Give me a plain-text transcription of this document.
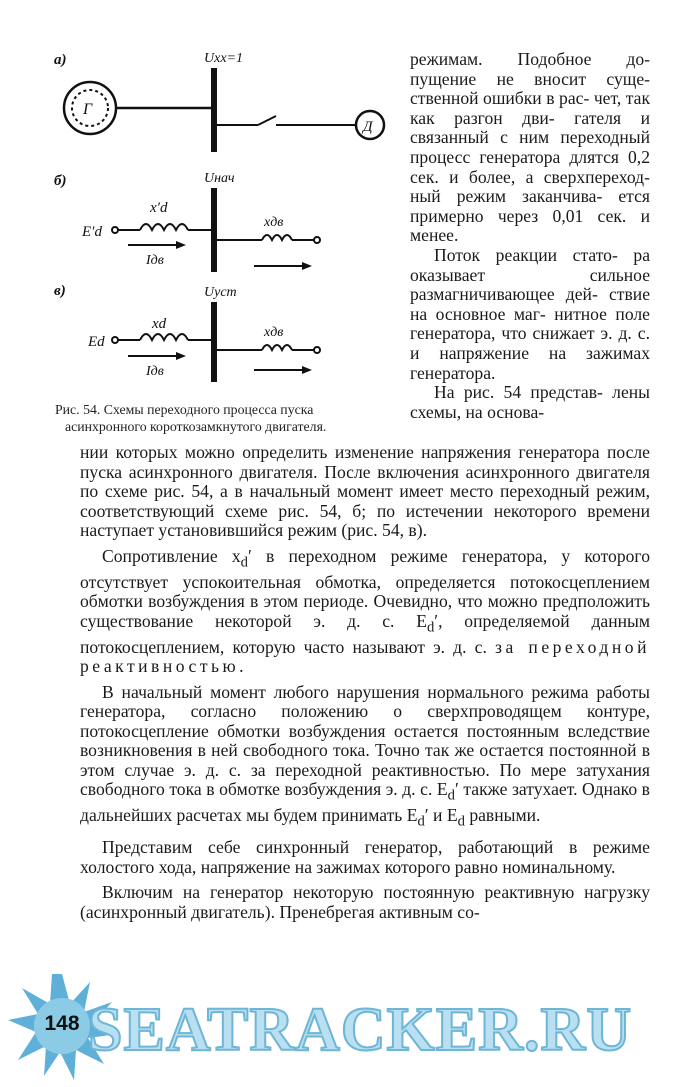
а)	Uхх=1
Г
Д
б)	Uнач
E′d
x′d
xдв
Iдв
в)	Uуст
Ed
xd
xдв
Iдв
Рис. 54. Схемы переходного процесса пуска
асинхронного короткозамкнутого двигателя.

режимам. Подобное до- пущение не вносит суще- ственной ошибки в рас- чет, так как разгон дви- гателя и связанный с ним переходный процесс генератора длятся 0,2 сек. и более, а сверхпереход- ный режим заканчива- ется примерно через 0,01 сек. и менее.

Поток реакции стато- ра оказывает сильное размагничивающее дей- ствие на основное маг- нитное поле генератора, что снижает э. д. с. и напряжение на зажимах генератора.

На рис. 54 представ- лены схемы, на основа-

нии которых можно определить изменение напряжения генератора после пуска асинхронного двигателя. После включения асинхронного двигателя по схеме рис. 54, а в начальный момент имеет место переходный режим, соответствующий схеме рис. 54, б; по истечении некоторого времени наступает установившийся режим (рис. 54, в).

Сопротивление $x_d'$ в переходном режиме генератора, у которого отсутствует успокоительная обмотка, определяется потокосцеплением обмотки возбуждения в этом периоде. Очевидно, что можно предположить существование некоторой э. д. с. $E_d'$, определяемой данным потокосцеплением, которую часто называют э. д. с. за переходной реактивностью.

В начальный момент любого нарушения нормального режима работы генератора, согласно положению о сверхпроводящем контуре, потокосцепление обмотки возбуждения остается постоянным вследствие возникновения в ней свободного тока. Точно так же остается постоянной в этом случае э. д. с. за переходной реактивностью. По мере затухания свободного тока в обмотке возбуждения э. д. с. $E_d'$ также затухает. Однако в дальнейших расчетах мы будем принимать $E_d'$ и $E_d$ равными.

Представим себе синхронный генератор, работающий в режиме холостого хода, напряжение на зажимах которого равно номинальному.

Включим на генератор некоторую постоянную реактивную нагрузку (асинхронный двигатель). Пренебрегая активным со-

SEATRACKER.RU
148
